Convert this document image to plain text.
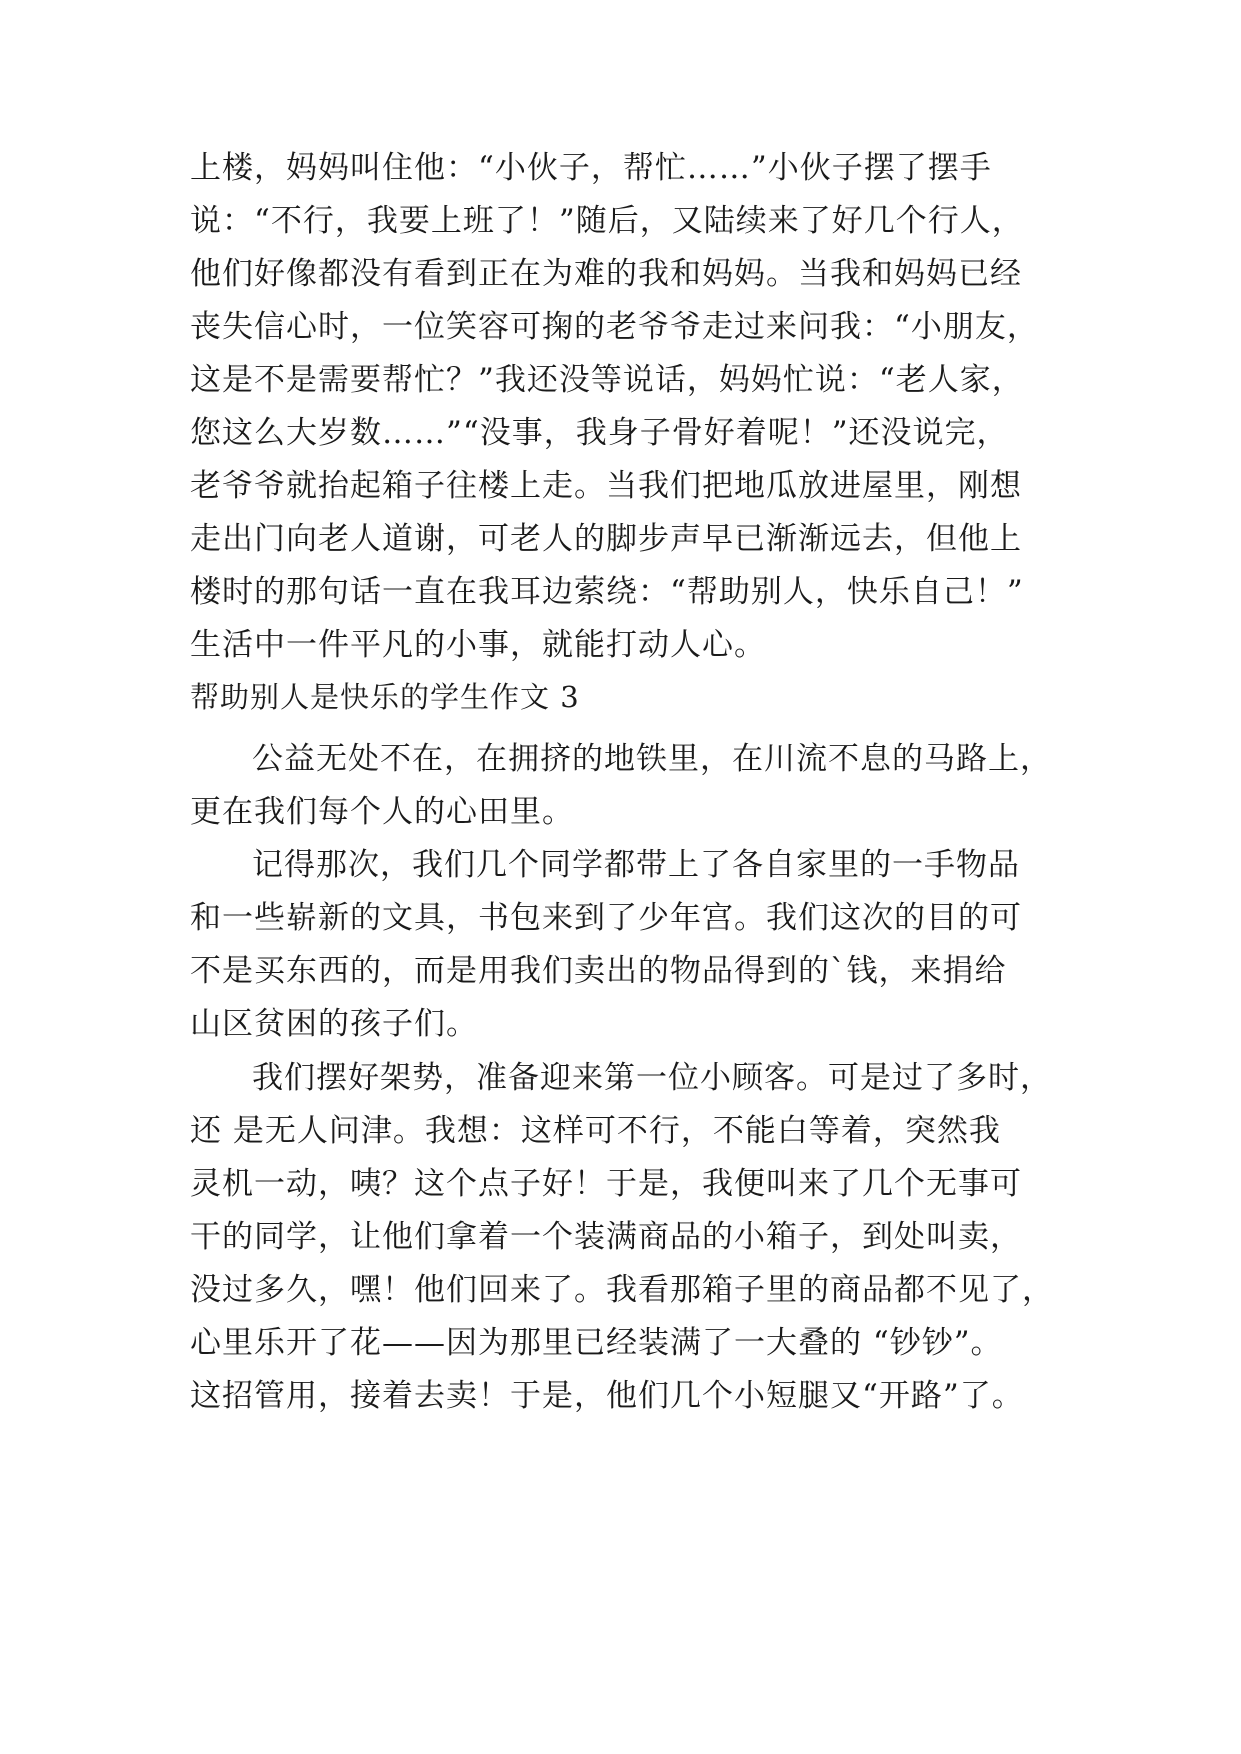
上楼，妈妈叫住他：“小伙子，帮忙……”小伙子摆了摆手
说：“不行，我要上班了！”随后，又陆续来了好几个行人，
他们好像都没有看到正在为难的我和妈妈。当我和妈妈已经
丧失信心时，一位笑容可掬的老爷爷走过来问我：“小朋友，
这是不是需要帮忙？”我还没等说话，妈妈忙说：“老人家，
您这么大岁数……”“没事，我身子骨好着呢！”还没说完，
老爷爷就抬起箱子往楼上走。当我们把地瓜放进屋里，刚想
走出门向老人道谢，可老人的脚步声早已渐渐远去，但他上
楼时的那句话一直在我耳边萦绕：“帮助别人，快乐自己！”
生活中一件平凡的小事，就能打动人心。
帮助别人是快乐的学生作文 3
公益无处不在，在拥挤的地铁里，在川流不息的马路上，
更在我们每个人的心田里。
记得那次，我们几个同学都带上了各自家里的一手物品
和一些崭新的文具，书包来到了少年宫。我们这次的目的可
不是买东西的，而是用我们卖出的物品得到的`钱，来捐给
山区贫困的孩子们。
我们摆好架势，准备迎来第一位小顾客。可是过了多时，
还 是无人问津。我想：这样可不行，不能白等着，突然我
灵机一动，咦？这个点子好！于是，我便叫来了几个无事可
干的同学，让他们拿着一个装满商品的小箱子，到处叫卖，
没过多久，嘿！他们回来了。我看那箱子里的商品都不见了，
心里乐开了花——因为那里已经装满了一大叠的 “钞钞”。
这招管用，接着去卖！于是，他们几个小短腿又“开路”了。
